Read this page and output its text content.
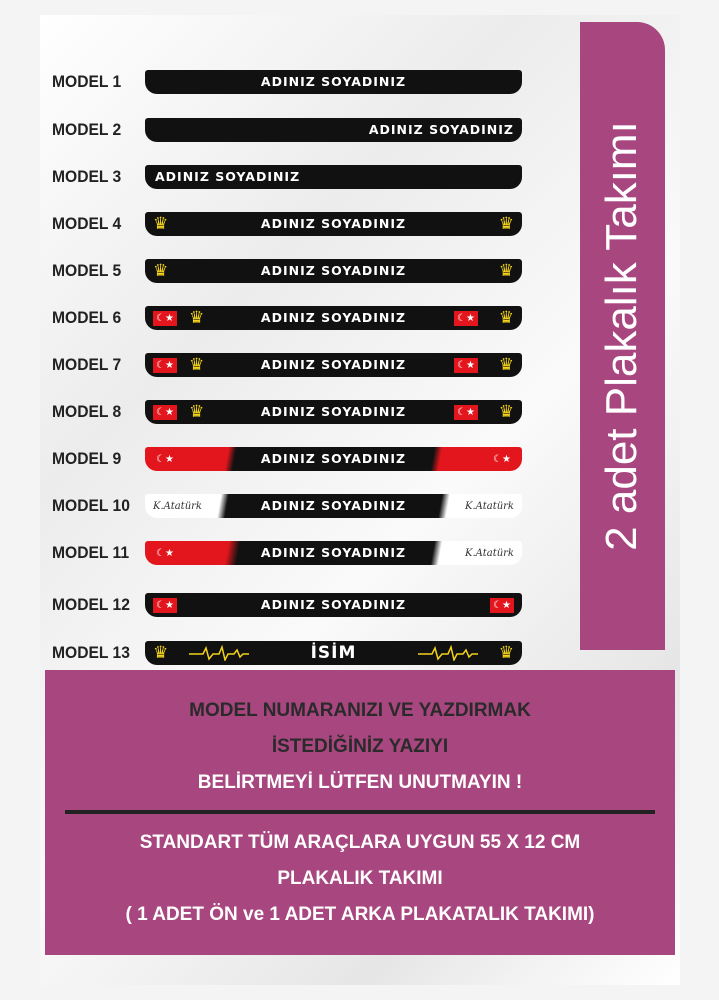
2 adet Plakalık Takımı
MODEL 1	ADINIZ SOYADINIZ
MODEL 2	ADINIZ SOYADINIZ
MODEL 3	ADINIZ SOYADINIZ
MODEL 4	ADINIZ SOYADINIZ
♛	♛
MODEL 5	ADINIZ SOYADINIZ
♛	♛
MODEL 6	ADINIZ SOYADINIZ
☾★ ♛	♛
☾★
MODEL 7	ADINIZ SOYADINIZ
☾★ ♛	♛
☾★
MODEL 8	ADINIZ SOYADINIZ
☾★ ♛	♛
☾★
MODEL 9	ADINIZ SOYADINIZ
☾★	☾★
MODEL 10	ADINIZ SOYADINIZ
K.Atatürk	K.Atatürk
MODEL 11	ADINIZ SOYADINIZ
☾★	K.Atatürk
MODEL 12	ADINIZ SOYADINIZ
☾★	☾★
MODEL 13	İSİM
♛	♛
MODEL NUMARANIZI VE YAZDIRMAK
İSTEDİĞİNİZ YAZIYI
BELİRTMEYİ LÜTFEN UNUTMAYIN !
STANDART TÜM ARAÇLARA UYGUN 55 X 12 CM
PLAKALIK TAKIMI
( 1 ADET ÖN ve 1 ADET ARKA PLAKATALIK TAKIMI)
